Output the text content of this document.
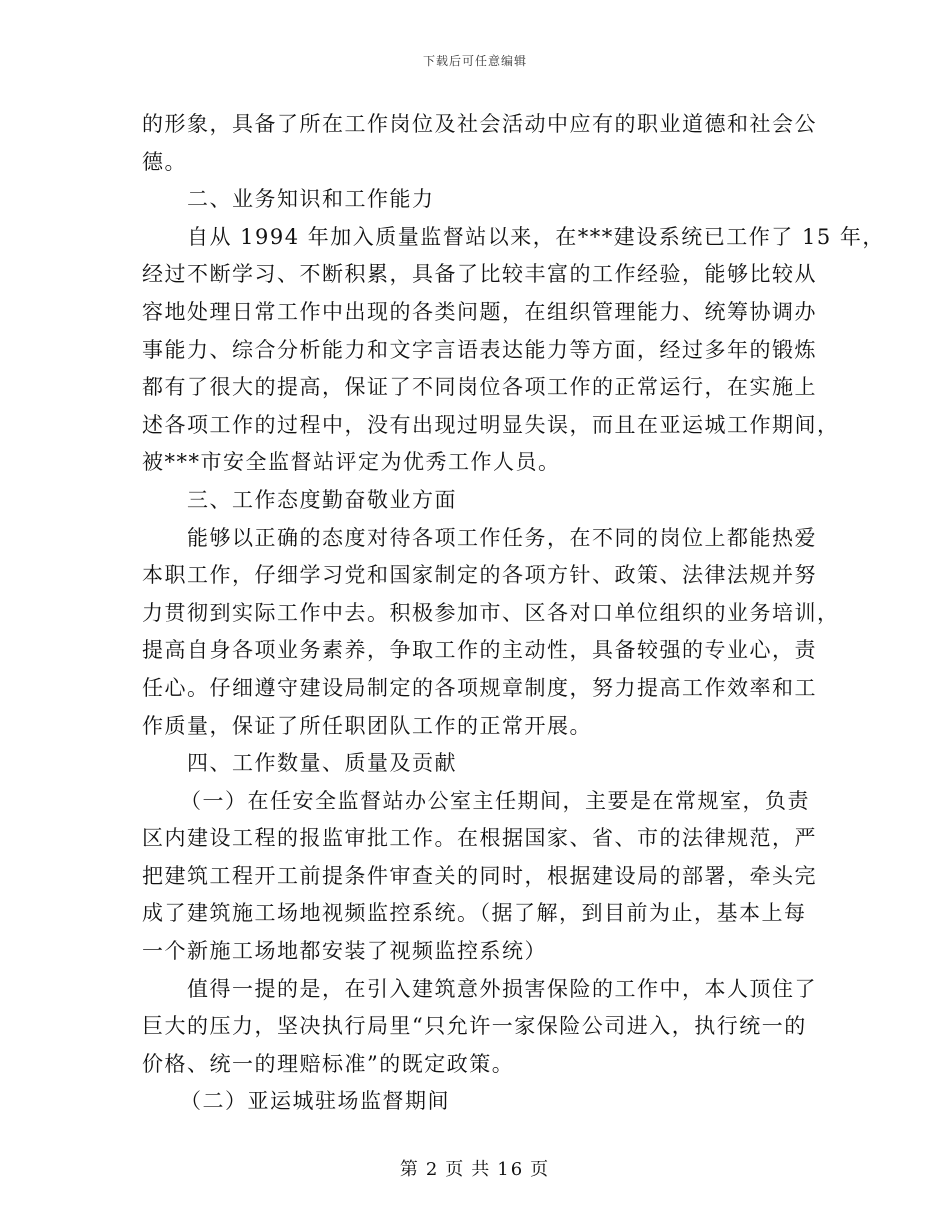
下载后可任意编辑
的形象，具备了所在工作岗位及社会活动中应有的职业道德和社会公
德。
二、业务知识和工作能力
自从 1994 年加入质量监督站以来，在***建设系统已工作了 15 年，
经过不断学习、不断积累，具备了比较丰富的工作经验，能够比较从
容地处理日常工作中出现的各类问题，在组织管理能力、统筹协调办
事能力、综合分析能力和文字言语表达能力等方面，经过多年的锻炼
都有了很大的提高，保证了不同岗位各项工作的正常运行，在实施上
述各项工作的过程中，没有出现过明显失误，而且在亚运城工作期间，
被***市安全监督站评定为优秀工作人员。
三、工作态度勤奋敬业方面
能够以正确的态度对待各项工作任务，在不同的岗位上都能热爱
本职工作，仔细学习党和国家制定的各项方针、政策、法律法规并努
力贯彻到实际工作中去。积极参加市、区各对口单位组织的业务培训，
提高自身各项业务素养，争取工作的主动性，具备较强的专业心，责
任心。仔细遵守建设局制定的各项规章制度，努力提高工作效率和工
作质量，保证了所任职团队工作的正常开展。
四、工作数量、质量及贡献
（一）在任安全监督站办公室主任期间，主要是在常规室，负责
区内建设工程的报监审批工作。在根据国家、省、市的法律规范，严
把建筑工程开工前提条件审查关的同时，根据建设局的部署，牵头完
成了建筑施工场地视频监控系统。（据了解，到目前为止，基本上每
一个新施工场地都安装了视频监控系统）
值得一提的是，在引入建筑意外损害保险的工作中，本人顶住了
巨大的压力，坚决执行局里“只允许一家保险公司进入，执行统一的
价格、统一的理赔标准”的既定政策。
（二）亚运城驻场监督期间
第 2 页 共 16 页
